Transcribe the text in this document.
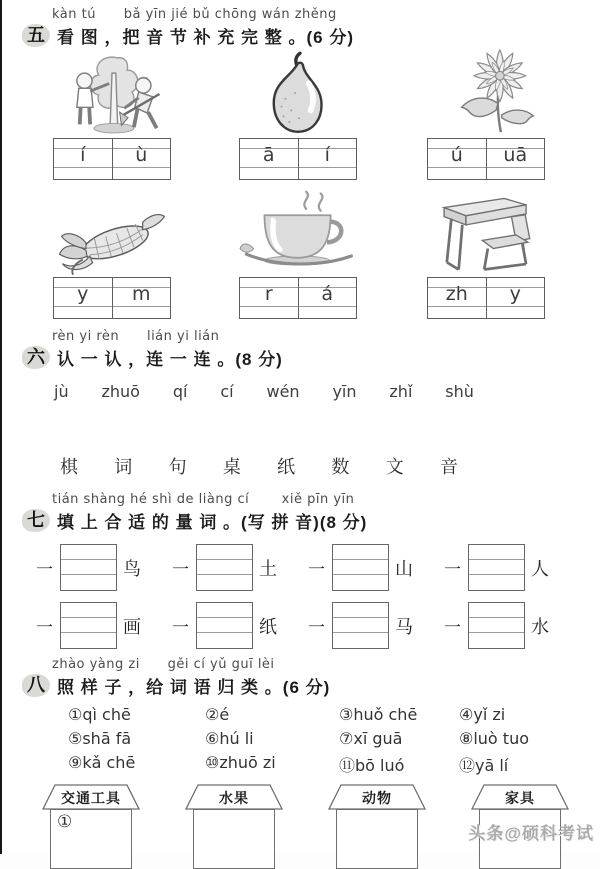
kàn tú      bǎ yīn jié bǔ chōng wán zhěng
五 看 图 ，把 音 节 补 充 完 整 。(6 分)
í	ù	ā	í	ú	uā
y	m	r	á	zh	y
rèn yi rèn      lián yi lián
六 认 一 认 ，连 一 连 。(8 分)
jù zhuō qí cí wén yīn zhǐ shù
棋 词 句 桌 纸 数 文 音
tián shàng hé shì de liàng cí       xiě pīn yīn
七 填 上 合 适 的 量 词 。(写 拼 音)(8 分)
一	鸟 一	土 一	山 一	人
一	画 一	纸 一	马 一	水
zhào yàng zi      gěi cí yǔ guī lèi
八 照 样 子 ，给 词 语 归 类 。(6 分)
①qì chē	②é	③huǒ chē	④yǐ zi
⑤shā fā	⑥hú li	⑦xī guā	⑧luò tuo
⑨kǎ chē	⑩zhuō zi	⑪bō luó	⑫yā lí
交通工具
①
水果	动物	家具
头条@硕科考试
